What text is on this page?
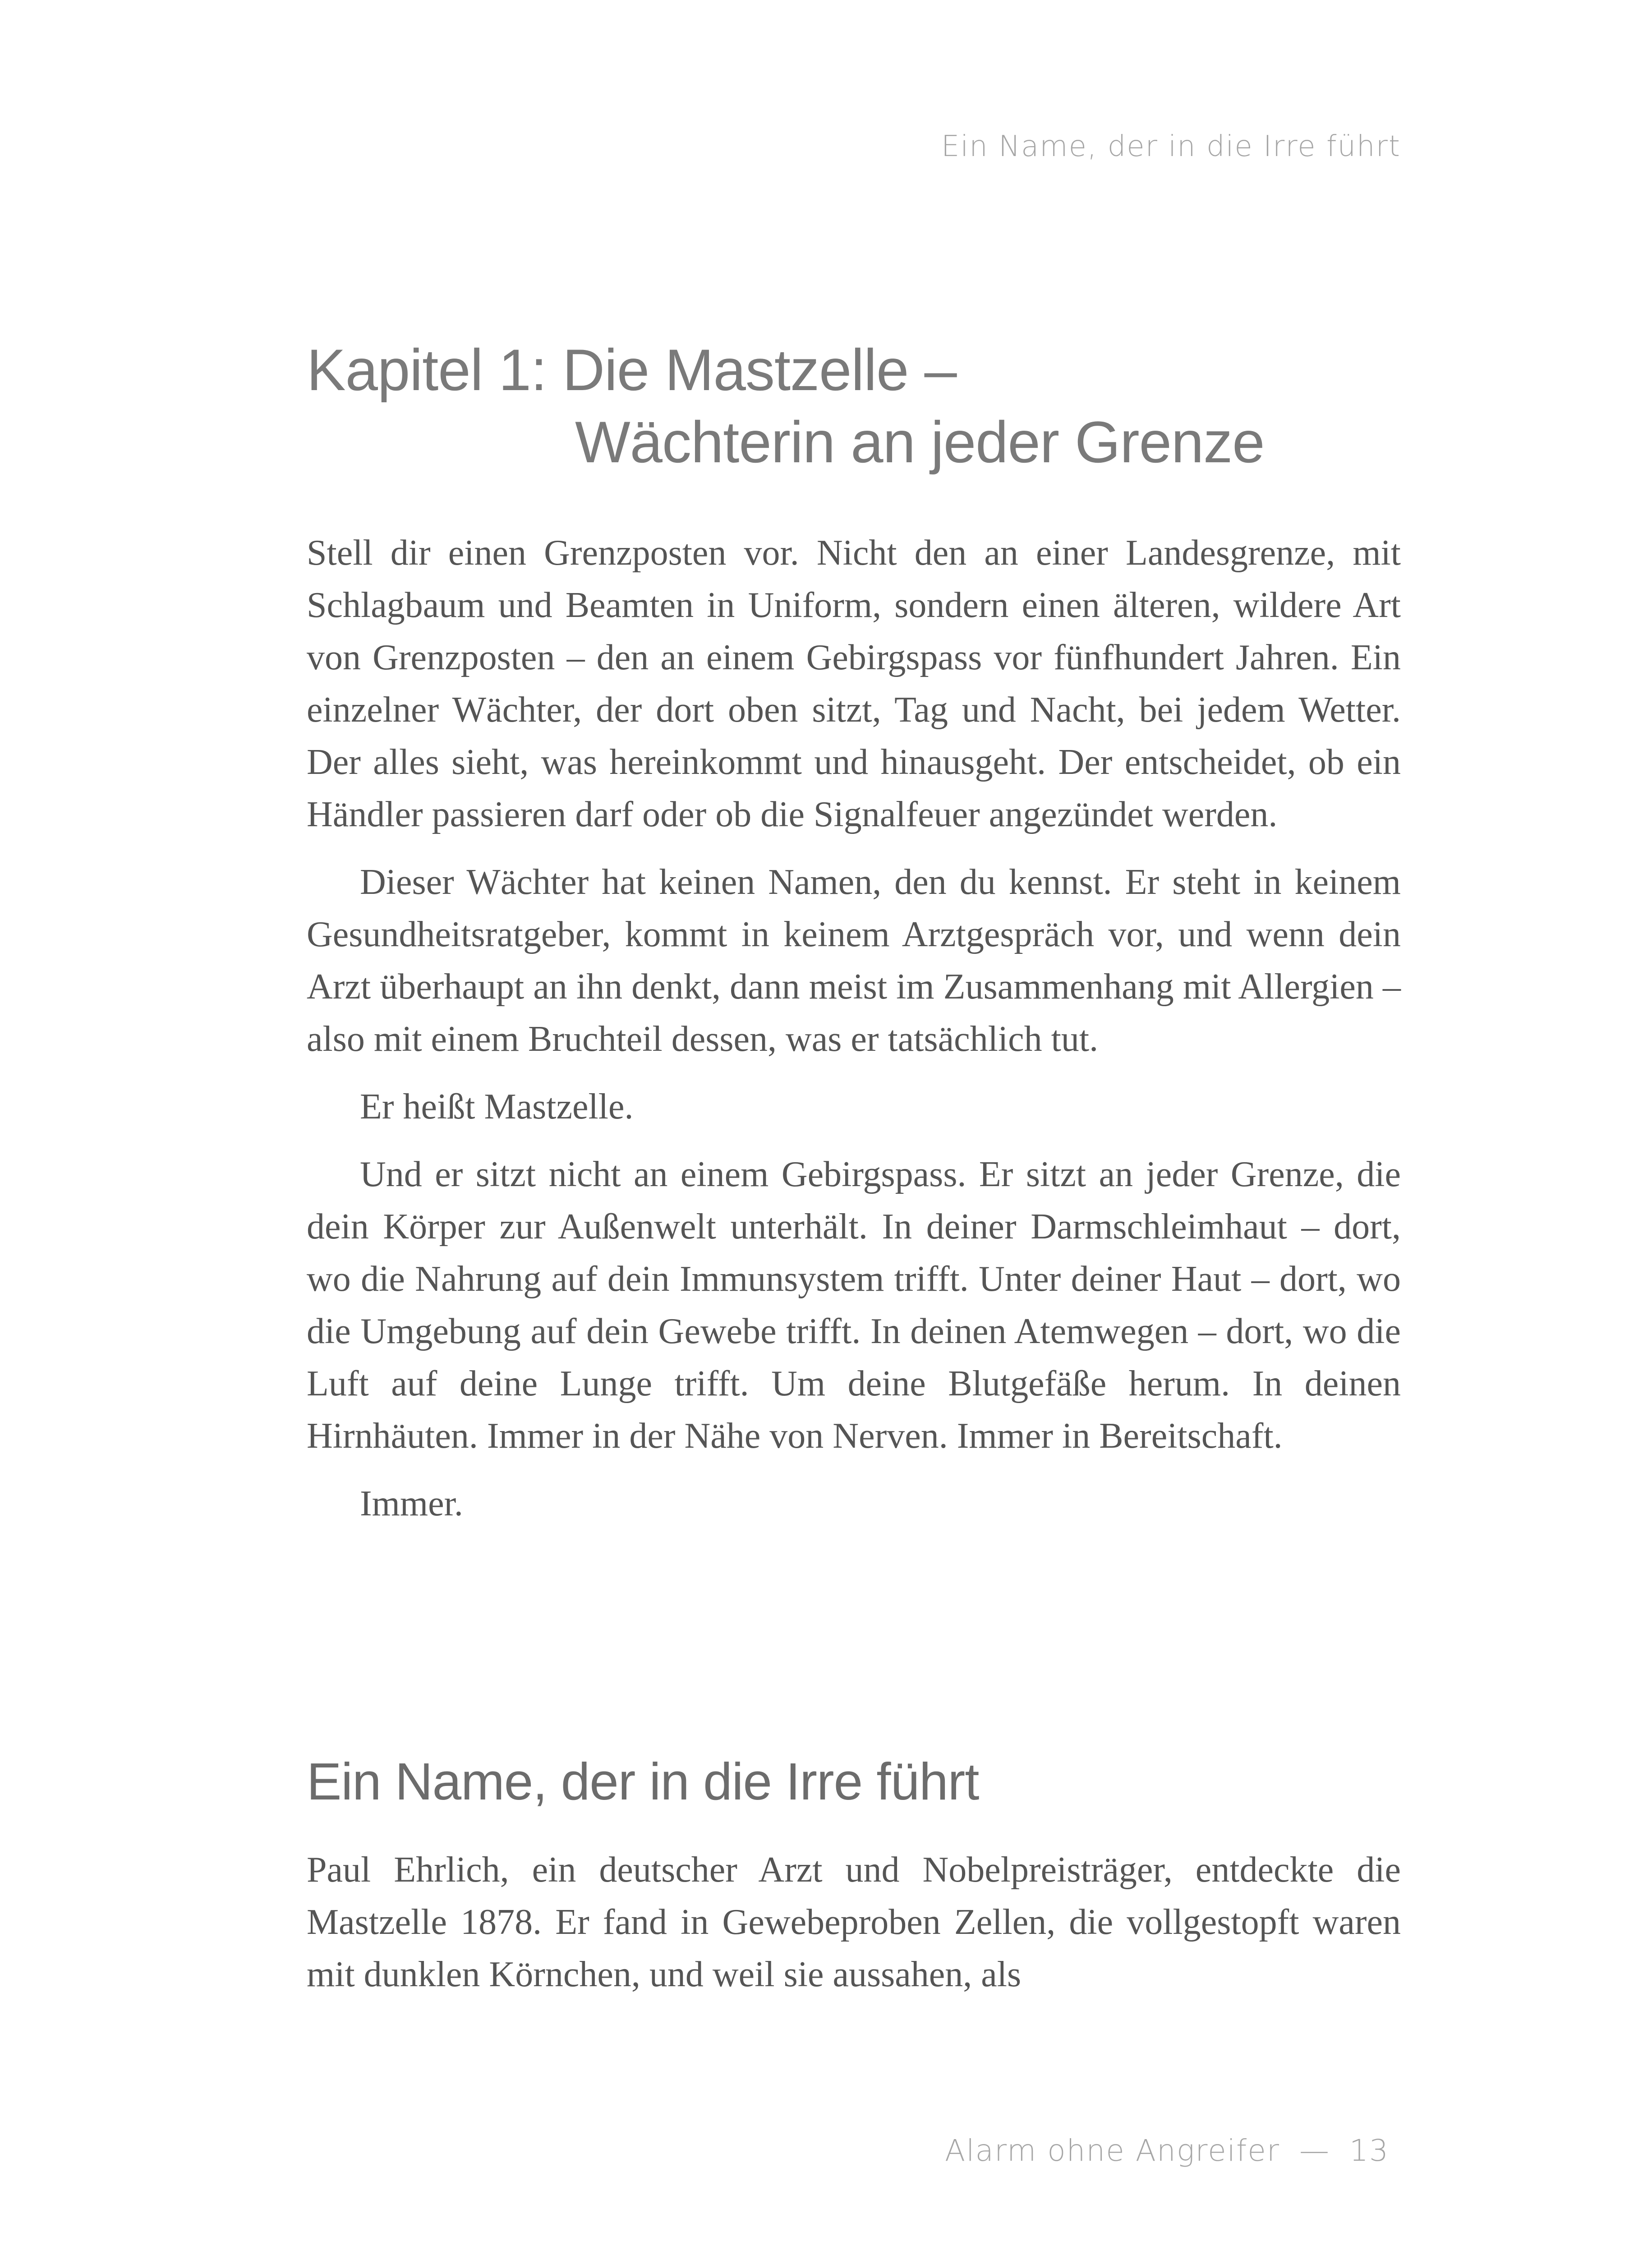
Ein Name, der in die Irre führt

Kapitel 1: Die Mastzelle –
Wächterin an jeder Grenze

Stell dir einen Grenzposten vor. Nicht den an einer Landesgrenze, mit Schlagbaum und Beamten in Uniform, sondern einen älteren, wildere Art von Grenzposten – den an einem Gebirgspass vor fünfhundert Jahren. Ein einzelner Wächter, der dort oben sitzt, Tag und Nacht, bei jedem Wetter. Der alles sieht, was hereinkommt und hinausgeht. Der entscheidet, ob ein Händler passieren darf oder ob die Signalfeuer angezündet werden.

Dieser Wächter hat keinen Namen, den du kennst. Er steht in keinem Gesundheitsratgeber, kommt in keinem Arztgespräch vor, und wenn dein Arzt überhaupt an ihn denkt, dann meist im Zusammenhang mit Allergien – also mit einem Bruchteil dessen, was er tatsächlich tut.

Er heißt Mastzelle.

Und er sitzt nicht an einem Gebirgspass. Er sitzt an jeder Grenze, die dein Körper zur Außenwelt unterhält. In deiner Darmschleimhaut – dort, wo die Nahrung auf dein Immunsystem trifft. Unter deiner Haut – dort, wo die Umgebung auf dein Gewebe trifft. In deinen Atemwegen – dort, wo die Luft auf deine Lunge trifft. Um deine Blutgefäße herum. In deinen Hirnhäuten. Immer in der Nähe von Nerven. Immer in Bereitschaft.

Immer.

Ein Name, der in die Irre führt

Paul Ehrlich, ein deutscher Arzt und Nobelpreisträger, entdeckte die Mastzelle 1878. Er fand in Gewebeproben Zellen, die vollgestopft waren mit dunklen Körnchen, und weil sie aussahen, als

Alarm ohne Angreifer — 13
